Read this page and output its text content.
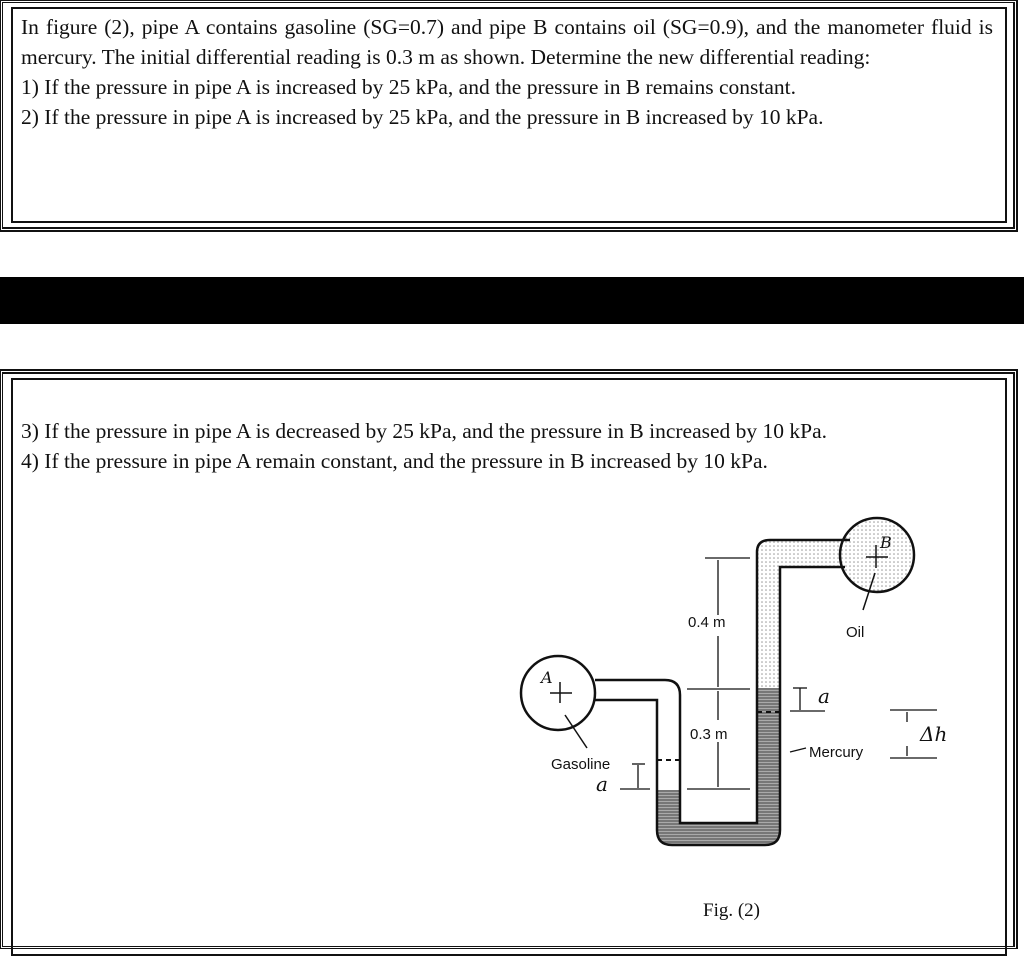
In figure (2), pipe A contains gasoline (SG=0.7) and pipe B contains oil (SG=0.9), and the manometer fluid is mercury. The initial differential reading is 0.3 m as shown. Determine the new differential reading:

1) If the pressure in pipe A is increased by 25 kPa, and the pressure in B remains constant.

2) If the pressure in pipe A is increased by 25 kPa, and the pressure in B increased by 10 kPa.

3) If the pressure in pipe A is decreased by 25 kPa, and the pressure in B increased by 10 kPa.

4) If the pressure in pipe A remain constant, and the pressure in B increased by 10 kPa.

A
B
0.4 m
0.3 m
Oil
Gasoline
Mercury
a
a
Δh
Fig. (2)
